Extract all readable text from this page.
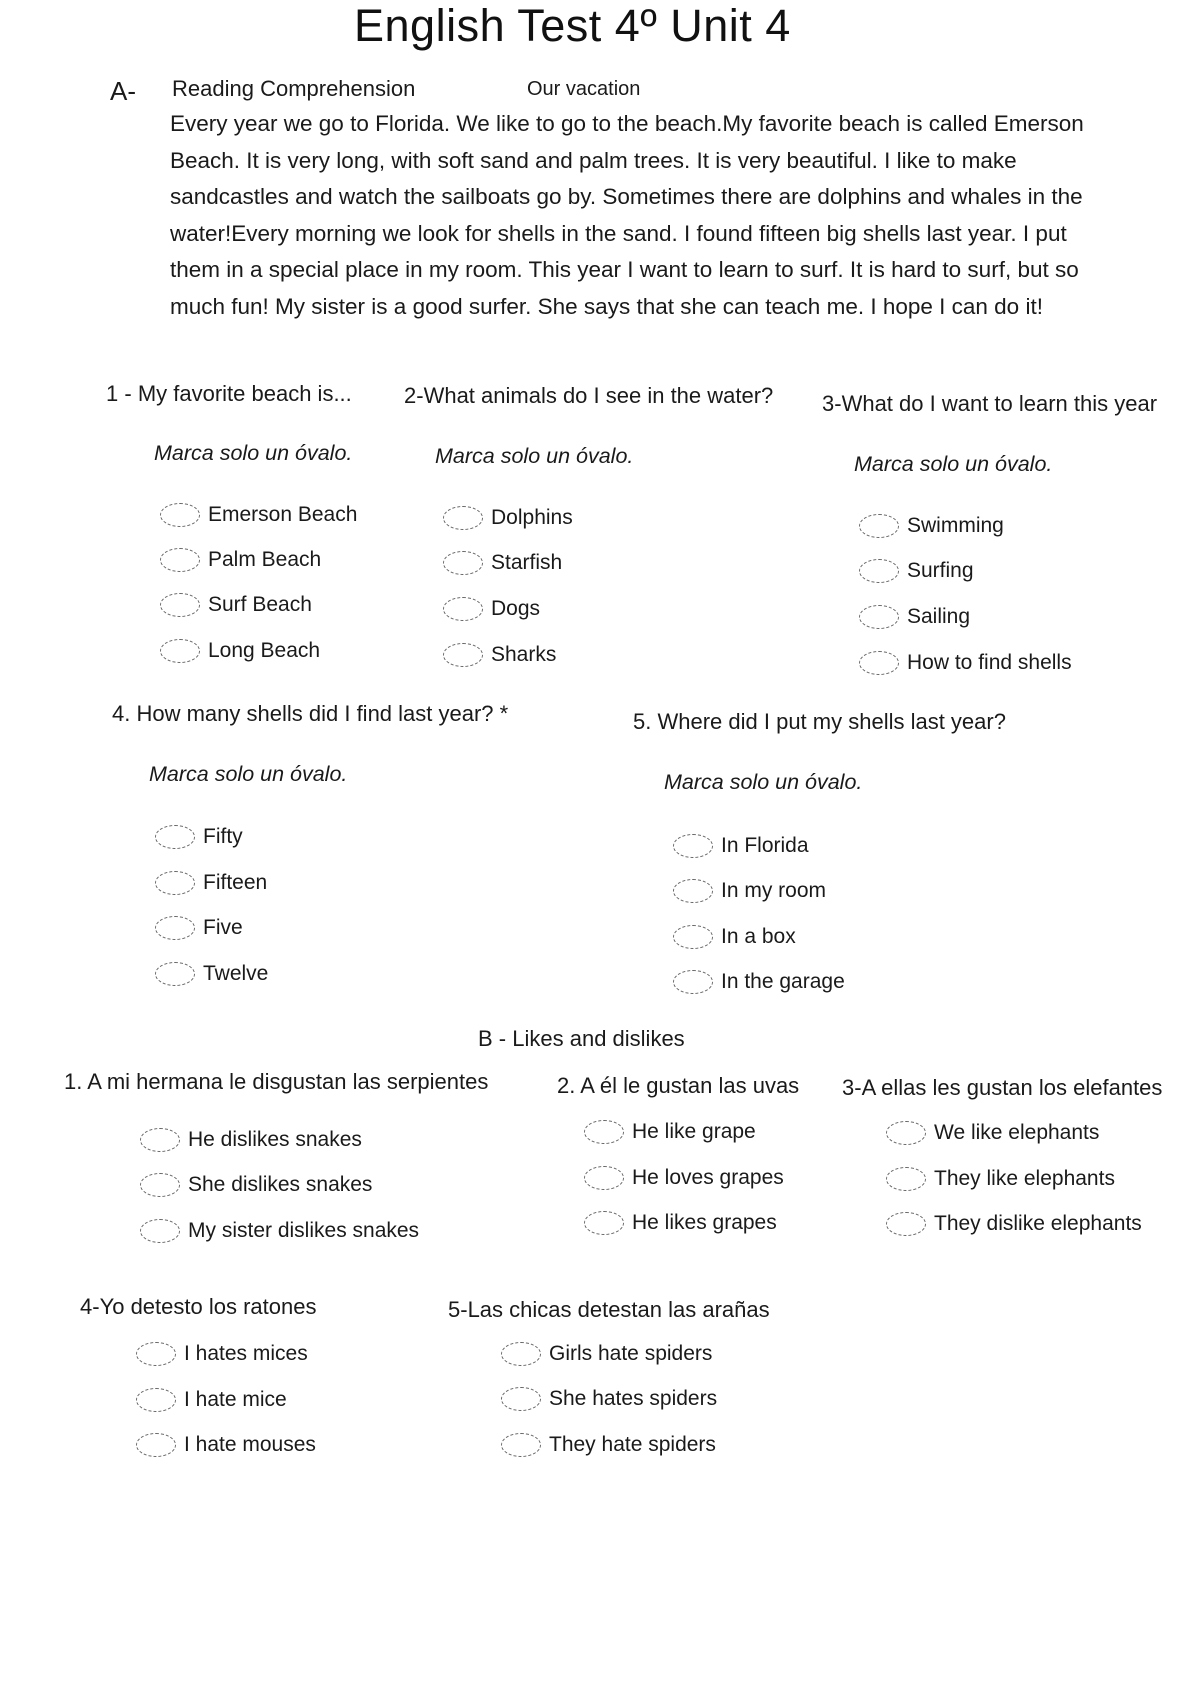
English Test 4º Unit 4
A- Reading Comprehension	Our vacation
Every year we go to Florida. We like to go to the beach.My favorite beach is called Emerson Beach. It is very long, with soft sand and palm trees. It is very beautiful. I like to make sandcastles and watch the sailboats go by. Sometimes there are dolphins and whales in the water!Every morning we look for shells in the sand. I found fifteen big shells last year. I put them in a special place in my room. This year I want to learn to surf. It is hard to surf, but so much fun! My sister is a good surfer. She says that she can teach me. I hope I can do it!
1 - My favorite beach is... 2-What animals do I see in the water? 3-What do I want to learn this year
Marca solo un óvalo.	Marca solo un óvalo.	Marca solo un óvalo.
Emerson Beach
Palm Beach
Surf Beach
Long Beach
Dolphins
Starfish
Dogs
Sharks
Swimming
Surfing
Sailing
How to find shells
4. How many shells did I find last year? *	5. Where did I put my shells last year?
Marca solo un óvalo.	Marca solo un óvalo.
Fifty
Fifteen
Five
Twelve
In Florida
In my room
In a box
In the garage
B - Likes and dislikes
1. A mi hermana le disgustan las serpientes	2. A él le gustan las uvas 3-A ellas les gustan los elefantes
He dislikes snakes
She dislikes snakes
My sister dislikes snakes
He like grape
He loves grapes
He likes grapes
We like elephants
They like elephants
They dislike elephants
4-Yo detesto los ratones	5-Las chicas detestan las arañas
I hates mices
I hate mice
I hate mouses
Girls hate spiders
She hates spiders
They hate spiders
